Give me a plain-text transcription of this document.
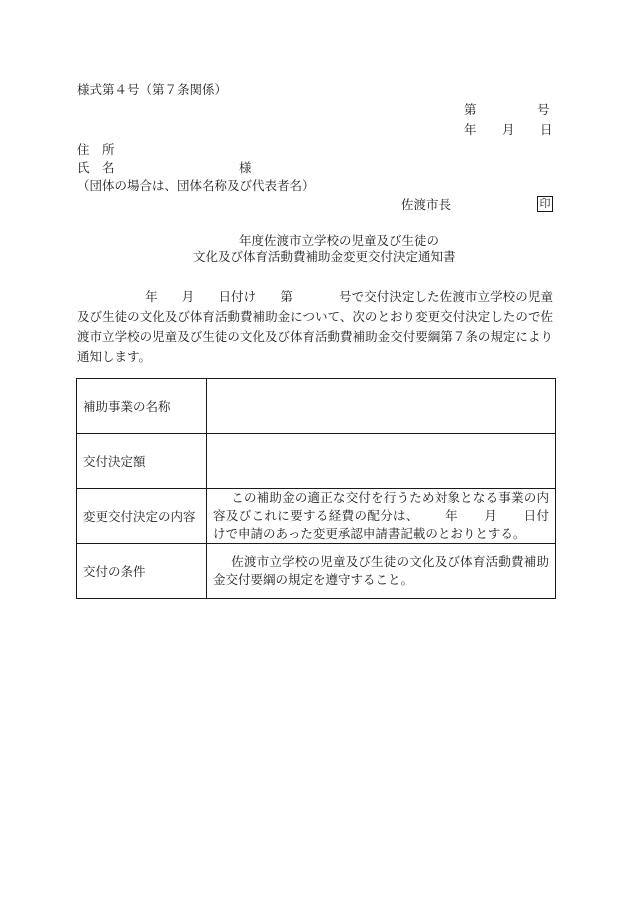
様式第４号（第７条関係）
第	号
年 月 日
住　所
氏　名	様
（団体の場合は、団体名称及び代表者名）
佐渡市長	印
年度佐渡市立学校の児童及び生徒の
文化及び体育活動費補助金変更交付決定通知書
年 月 日付け 第	号で交付決定した佐渡市立学校の児童及び生徒の文化及び体育活動費補助金について、次のとおり変更交付決定したので佐渡市立学校の児童及び生徒の文化及び体育活動費補助金交付要綱第７条の規定により通知します。
補助事業の名称	
交付決定額	
変更交付決定の内容	この補助金の適正な交付を行うため対象となる事業の内容及びこれに要する経費の配分は、 年 月 日付けで申請のあった変更承認申請書記載のとおりとする。
交付の条件	佐渡市立学校の児童及び生徒の文化及び体育活動費補助金交付要綱の規定を遵守すること。
